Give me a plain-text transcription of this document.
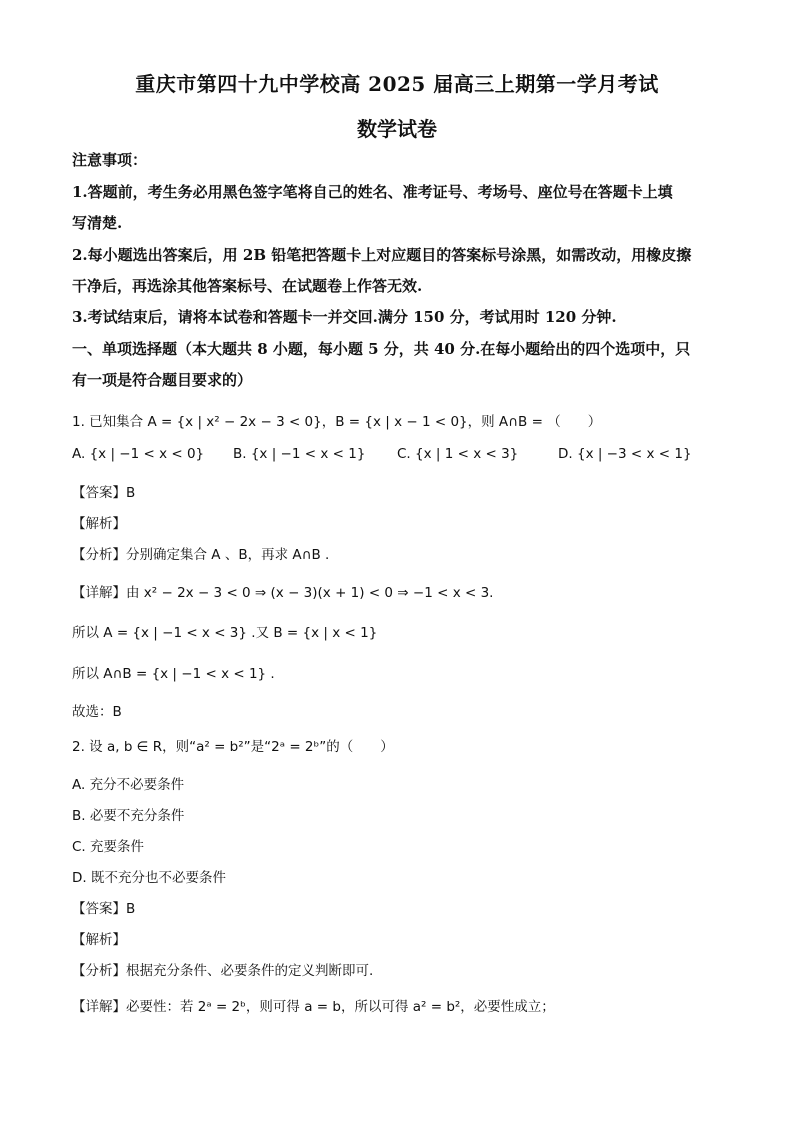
重庆市第四十九中学校高 2025 届高三上期第一学月考试
数学试卷
注意事项：
1.答题前，考生务必用黑色签字笔将自己的姓名、准考证号、考场号、座位号在答题卡上填
写清楚.
2.每小题选出答案后，用 2B 铅笔把答题卡上对应题目的答案标号涂黑，如需改动，用橡皮擦
干净后，再选涂其他答案标号、在试题卷上作答无效.
3.考试结束后，请将本试卷和答题卡一并交回.满分 150 分，考试用时 120 分钟.
一、单项选择题（本大题共 8 小题，每小题 5 分，共 40 分.在每小题给出的四个选项中，只
有一项是符合题目要求的）
1. 已知集合 A = {x | x² − 2x − 3 < 0}，B = {x | x − 1 < 0}，则 A∩B = （　　）
A. {x | −1 < x < 0} B. {x | −1 < x < 1} C. {x | 1 < x < 3}	D. {x | −3 < x < 1}
【答案】B
【解析】
【分析】分别确定集合 A 、B，再求 A∩B .
【详解】由 x² − 2x − 3 < 0 ⇒ (x − 3)(x + 1) < 0 ⇒ −1 < x < 3.
所以 A = {x | −1 < x < 3} .又 B = {x | x < 1}
所以 A∩B = {x | −1 < x < 1} .
故选：B
2. 设 a, b ∈ R，则“a² = b²”是“2ᵃ = 2ᵇ”的（　　）
A. 充分不必要条件
B. 必要不充分条件
C. 充要条件
D. 既不充分也不必要条件
【答案】B
【解析】
【分析】根据充分条件、必要条件的定义判断即可.
【详解】必要性：若 2ᵃ = 2ᵇ，则可得 a = b，所以可得 a² = b²，必要性成立；
